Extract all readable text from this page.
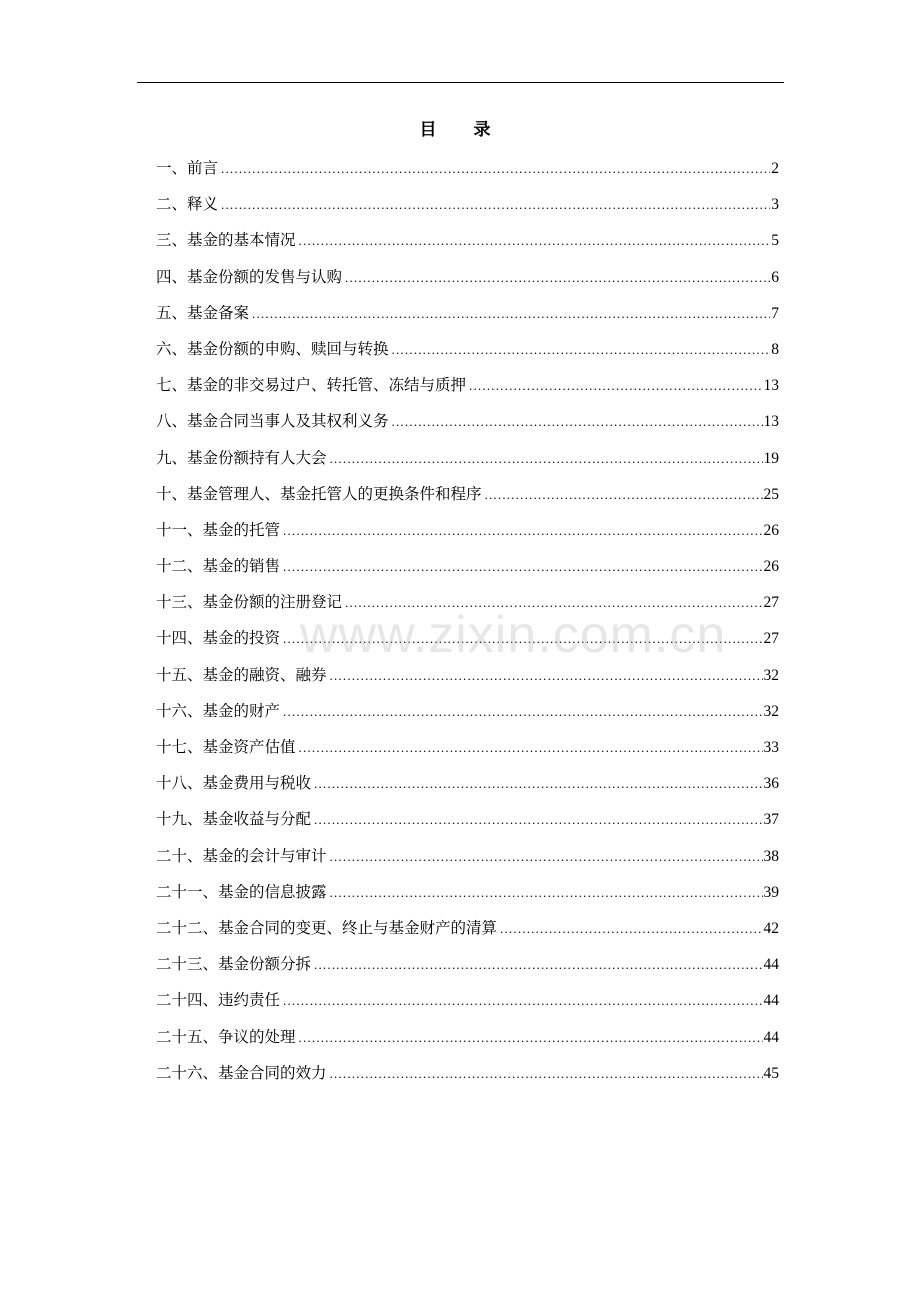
目　录
一、前言 .....	2
二、释义 .....	3
三、基金的基本情况 .....	5
四、基金份额的发售与认购 .....	6
五、基金备案 .....	7
六、基金份额的申购、赎回与转换 .....	8
七、基金的非交易过户、转托管、冻结与质押 .....	13
八、基金合同当事人及其权利义务 .....	13
九、基金份额持有人大会 .....	19
十、基金管理人、基金托管人的更换条件和程序 .....	25
十一、基金的托管 .....	26
十二、基金的销售 .....	26
十三、基金份额的注册登记 .....	27
十四、基金的投资 .....	27
十五、基金的融资、融券 .....	32
十六、基金的财产 .....	32
十七、基金资产估值 .....	33
十八、基金费用与税收 .....	36
十九、基金收益与分配 .....	37
二十、基金的会计与审计 .....	38
二十一、基金的信息披露 .....	39
二十二、基金合同的变更、终止与基金财产的清算 .....	42
二十三、基金份额分拆 .....	44
二十四、违约责任 .....	44
二十五、争议的处理 .....	44
二十六、基金合同的效力 .....	45
www.zixin.com.cn
